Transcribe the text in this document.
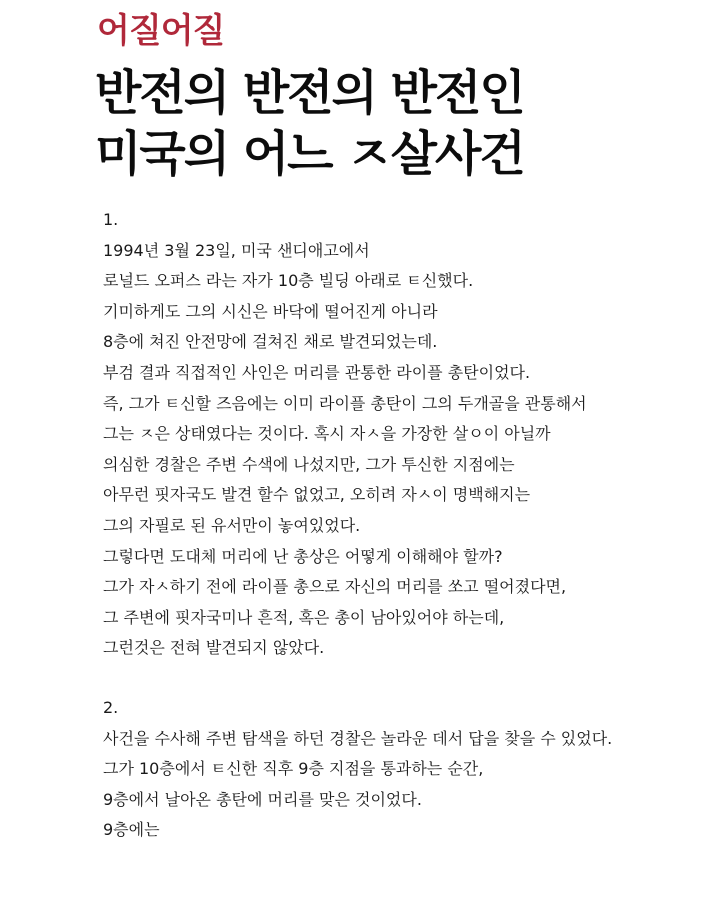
어질어질
반전의 반전의 반전인
미국의 어느 ㅈ살사건
1.
1994년 3월 23일, 미국 샌디애고에서
로널드 오퍼스 라는 자가 10층 빌딩 아래로 ㅌ신했다.
기미하게도 그의 시신은 바닥에 떨어진게 아니라
8층에 쳐진 안전망에 걸쳐진 채로 발견되었는데.
부검 결과 직접적인 사인은 머리를 관통한 라이플 총탄이었다.
즉, 그가 ㅌ신할 즈음에는 이미 라이플 총탄이 그의 두개골을 관통해서
그는 ㅈ은 상태였다는 것이다. 혹시 자ㅅ을 가장한 살ㅇ이 아닐까
의심한 경찰은 주변 수색에 나섰지만, 그가 투신한 지점에는
아무런 핏자국도 발견 할수 없었고, 오히려 자ㅅ이 명백해지는
그의 자필로 된 유서만이 놓여있었다.
그렇다면 도대체 머리에 난 총상은 어떻게 이해해야 할까?
그가 자ㅅ하기 전에 라이플 총으로 자신의 머리를 쏘고 떨어졌다면,
그 주변에 핏자국미나 흔적, 혹은 총이 남아있어야 하는데,
그런것은 전혀 발견되지 않았다.
2.
사건을 수사해 주변 탐색을 하던 경찰은 놀라운 데서 답을 찾을 수 있었다.
그가 10층에서 ㅌ신한 직후 9층 지점을 통과하는 순간,
9층에서 날아온 총탄에 머리를 맞은 것이었다.
9층에는
